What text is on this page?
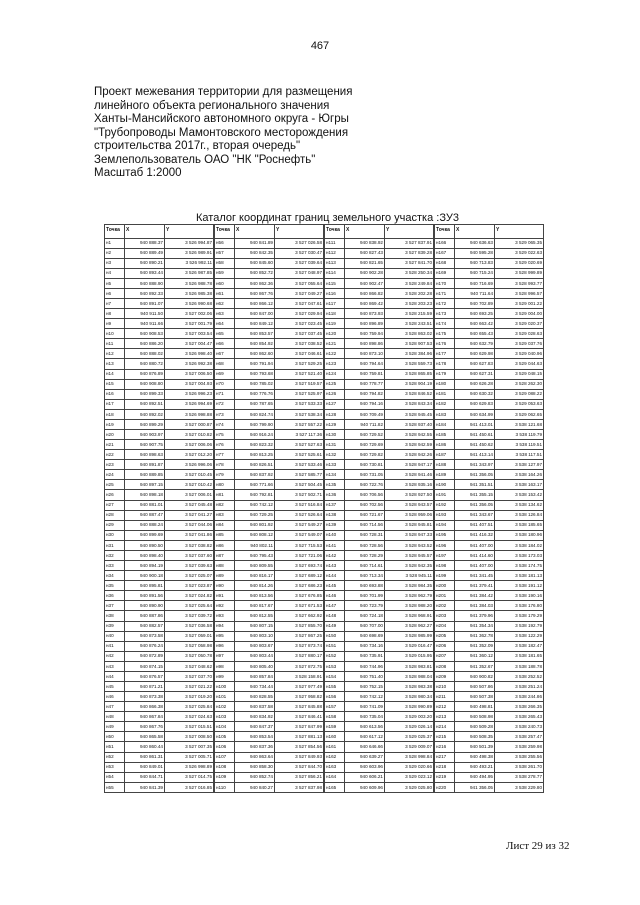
467
Проект межевания территории для размещения
линейного объекта регионального значения
Ханты-Мансийского автономного округа - Югры
"Трубопроводы Мамонтовского месторождения
строительства 2017г., вторая очередь"
Землепользователь ОАО "НК "Роснефть"
Масштаб 1:2000
Каталог координат границ земельного участка :ЗУ3
Точка	X	Y
н1	940 888.37	3 526 994.87
н2	940 889.49	3 526 989.91
н3	940 890.21	3 526 992.11
н4	940 893.44	3 526 987.85
н5	940 888.90	3 526 988.78
н6	940 892.33	3 526 985.38
н7	940 891.07	3 526 990.68
н8	940 911.50	3 527 002.06
н9	940 911.66	3 527 001.79
н10	940 908.53	3 527 003.54
н11	940 886.20	3 527 004.47
н12	940 888.02	3 526 998.40
н13	940 880.72	3 526 992.38
н14	940 876.89	3 527 006.50
н15	940 908.80	3 527 004.93
н16	940 899.33	3 526 996.23
н17	940 892.51	3 526 994.69
н18	940 892.02	3 526 998.88
н19	940 899.29	3 527 000.87
н20	940 903.97	3 527 010.82
н21	940 907.75	3 527 006.06
н22	940 898.63	3 527 012.20
н23	940 891.87	3 526 996.06
н24	940 889.85	3 527 010.45
н25	940 897.15	3 527 010.42
н26	940 898.18	3 527 006.01
н27	940 881.01	3 527 045.48
н28	940 887.47	3 527 041.27
н29	940 888.24	3 527 044.06
н30	940 899.69	3 527 041.86
н31	940 890.50	3 527 038.82
н32	940 898.40	3 527 037.60
н33	940 894.19	3 527 039.63
н34	940 900.18	3 527 025.07
н35	940 895.81	3 527 023.87
н36	940 891.56	3 527 024.82
н37	940 890.90	3 527 025.64
н38	940 887.86	3 527 039.72
н39	940 882.57	3 527 036.58
н40	940 873.58	3 527 059.01
н41	940 876.24	3 527 058.98
н42	940 872.89	3 527 050.78
н43	940 874.15	3 527 048.62
н44	940 876.57	3 527 037.70
н45	940 871.21	3 527 021.22
н46	940 873.38	3 527 019.20
н47	940 866.38	3 527 025.84
н48	940 867.84	3 527 024.63
н49	940 867.76	3 527 015.51
н50	940 865.58	3 527 008.50
н51	940 860.44	3 527 007.35
н52	940 861.31	3 527 005.71
н53	940 849.01	3 526 998.89
н54	940 844.71	3 527 014.75
н55	940 841.39	3 527 016.85
Точка	X	Y
н56	940 841.89	3 527 026.58
н57	940 842.35	3 527 030.47
н58	940 845.60	3 527 039.64
н59	940 852.72	3 527 048.97
н60	940 862.36	3 527 055.64
н61	940 867.76	3 527 049.27
н62	940 866.12	3 527 047.61
н63	940 847.00	3 527 029.94
н64	940 849.12	3 527 023.45
н65	940 853.57	3 527 037.45
н66	940 854.92	3 527 038.52
н67	940 862.60	3 527 046.61
н68	940 791.94	3 527 529.25
н69	940 793.68	3 527 521.40
н70	940 785.02	3 527 519.57
н71	940 776.76	3 527 525.97
н72	940 787.65	3 527 533.33
н73	940 824.74	3 527 538.34
н74	940 799.90	3 527 557.22
н75	940 916.24	3 527 117.36
н76	940 823.32	3 527 527.63
н77	940 813.25	3 527 525.61
н78	940 826.51	3 527 533.46
н79	940 837.92	3 527 585.77
н80	940 771.66	3 527 504.45
н81	940 792.81	3 527 502.71
н82	940 742.12	3 527 516.84
н83	940 729.25	3 527 526.64
н84	940 801.92	3 527 549.27
н85	940 808.12	3 527 549.07
н86	940 802.11	3 527 715.53
н87	940 795.43	3 527 721.06
н88	940 809.55	3 527 693.74
н89	940 816.17	3 527 689.12
н90	940 814.26	3 527 686.23
н91	940 813.56	3 527 676.85
н92	940 817.67	3 527 671.53
н93	940 812.55	3 527 662.92
н94	940 807.15	3 527 855.70
н95	940 803.10	3 527 867.25
н96	940 803.67	3 527 873.74
н97	940 803.44	3 527 880.17
н98	940 805.40	3 527 872.75
н99	940 857.84	3 528 158.91
н100	940 734.44	3 527 977.49
н101	940 828.55	3 527 958.82
н102	940 837.58	3 527 845.88
н103	940 834.92	3 527 846.41
н104	940 847.37	3 527 847.99
н105	940 853.54	3 527 881.13
н106	940 837.36	3 527 854.56
н107	940 863.64	3 527 849.93
н108	940 858.30	3 527 844.70
н109	940 852.74	3 527 856.21
н110	940 840.27	3 527 837.98
Точка	X	Y
н111	940 838.92	3 527 837.91
н112	940 827.43	3 527 839.28
н113	940 821.65	3 527 841.70
н114	940 902.28	3 528 250.34
н115	940 902.47	3 528 249.84
н116	940 866.82	3 528 202.28
н117	940 869.42	3 528 203.23
н118	940 873.93	3 528 215.59
н119	940 896.89	3 528 243.51
н120	940 759.94	3 528 863.02
н121	940 898.86	3 528 907.53
н122	940 873.10	3 528 384.96
н123	940 794.64	3 528 559.73
н124	940 759.81	3 528 865.85
н125	940 778.77	3 528 904.19
н126	940 794.82	3 528 846.52
н127	940 794.16	3 528 843.34
н128	940 709.49	3 528 945.45
н129	940 711.82	3 528 937.40
н130	940 729.52	3 528 942.55
н131	940 729.69	3 528 942.59
н132	940 729.82	3 528 942.26
н133	940 730.81	3 528 947.17
н134	940 731.05	3 528 941.46
н135	940 722.76	3 528 935.16
н136	940 706.56	3 528 927.50
н137	940 702.56	3 528 943.57
н138	940 721.67	3 528 959.06
н139	940 714.56	3 528 945.81
н140	940 728.31	3 528 947.33
н141	940 728.56	3 528 943.52
н142	940 728.29	3 528 945.57
н143	940 714.61	3 528 942.35
н144	940 713.34	3 528 945.11
н145	940 693.88	3 528 984.35
н146	940 701.99	3 528 962.79
н147	940 723.79	3 528 988.20
н148	940 724.18	3 528 968.91
н149	940 707.00	3 528 962.27
н150	940 698.69	3 528 985.99
н151	940 734.16	3 529 016.47
н152	940 735.91	3 529 015.95
н153	940 744.96	3 528 983.81
н154	940 751.40	3 528 988.04
н155	940 752.15	3 528 983.38
н156	940 742.12	3 528 980.34
н157	940 741.09	3 528 990.89
н158	940 735.04	3 529 003.20
н159	940 613.56	3 529 026.14
н160	940 617.12	3 529 025.37
н161	940 646.66	3 529 009.07
н162	940 639.27	3 528 998.84
н163	940 603.96	3 529 020.66
н164	940 606.21	3 529 023.12
н165	940 609.96	3 529 025.80
Точка	X	Y
н166	940 636.63	3 529 065.35
н167	940 595.28	3 529 022.63
н168	940 713.83	3 529 020.69
н169	940 715.24	3 528 999.89
н170	940 716.69	3 528 993.77
н171	940 711.64	3 528 996.57
н172	940 702.89	3 529 001.22
н173	940 693.25	3 529 004.00
н174	940 663.42	3 529 020.37
н175	940 655.43	3 529 028.63
н176	940 632.79	3 529 037.76
н177	940 629.98	3 529 040.96
н178	940 627.83	3 529 044.63
н179	940 627.31	3 529 048.15
н180	940 626.28	3 528 262.30
н181	940 630.32	3 529 088.22
н182	940 629.83	3 529 053.63
н183	940 634.99	3 529 062.65
н184	941 413.01	3 538 121.68
н185	941 450.61	3 538 119.79
н186	941 450.62	3 538 119.51
н187	941 413.14	3 538 117.51
н188	941 343.97	3 538 127.97
н189	941 356.05	3 538 164.26
н190	941 351.51	3 538 163.17
н191	941 355.15	3 538 153.42
н192	941 356.05	3 538 134.62
н193	941 343.67	3 538 126.84
н194	941 407.51	3 538 185.65
н195	941 416.32	3 538 180.96
н196	941 407.00	3 538 184.02
н197	941 414.60	3 538 173.03
н198	941 407.00	3 538 174.75
н199	941 341.45	3 538 181.13
н200	941 379.41	3 538 191.12
н201	941 384.42	3 538 190.16
н202	941 384.03	3 538 176.80
н203	941 379.96	3 538 179.29
н204	941 354.34	3 538 192.79
н205	941 362.78	3 538 122.29
н206	941 352.09	3 538 182.47
н207	941 360.12	3 538 181.65
н208	941 352.67	3 538 188.78
н209	940 900.82	3 538 252.52
н210	940 507.86	3 538 251.24
н211	940 507.38	3 538 244.86
н212	940 498.81	3 538 266.35
н213	940 508.98	3 538 265.43
н214	940 509.28	3 538 240.73
н215	940 508.35	3 538 257.47
н216	940 501.39	3 538 259.98
н217	940 498.38	3 538 255.56
н218	940 493.21	3 538 261.70
н219	940 494.95	3 538 278.77
н220	941 356.05	3 538 229.80
Лист 29 из 32
